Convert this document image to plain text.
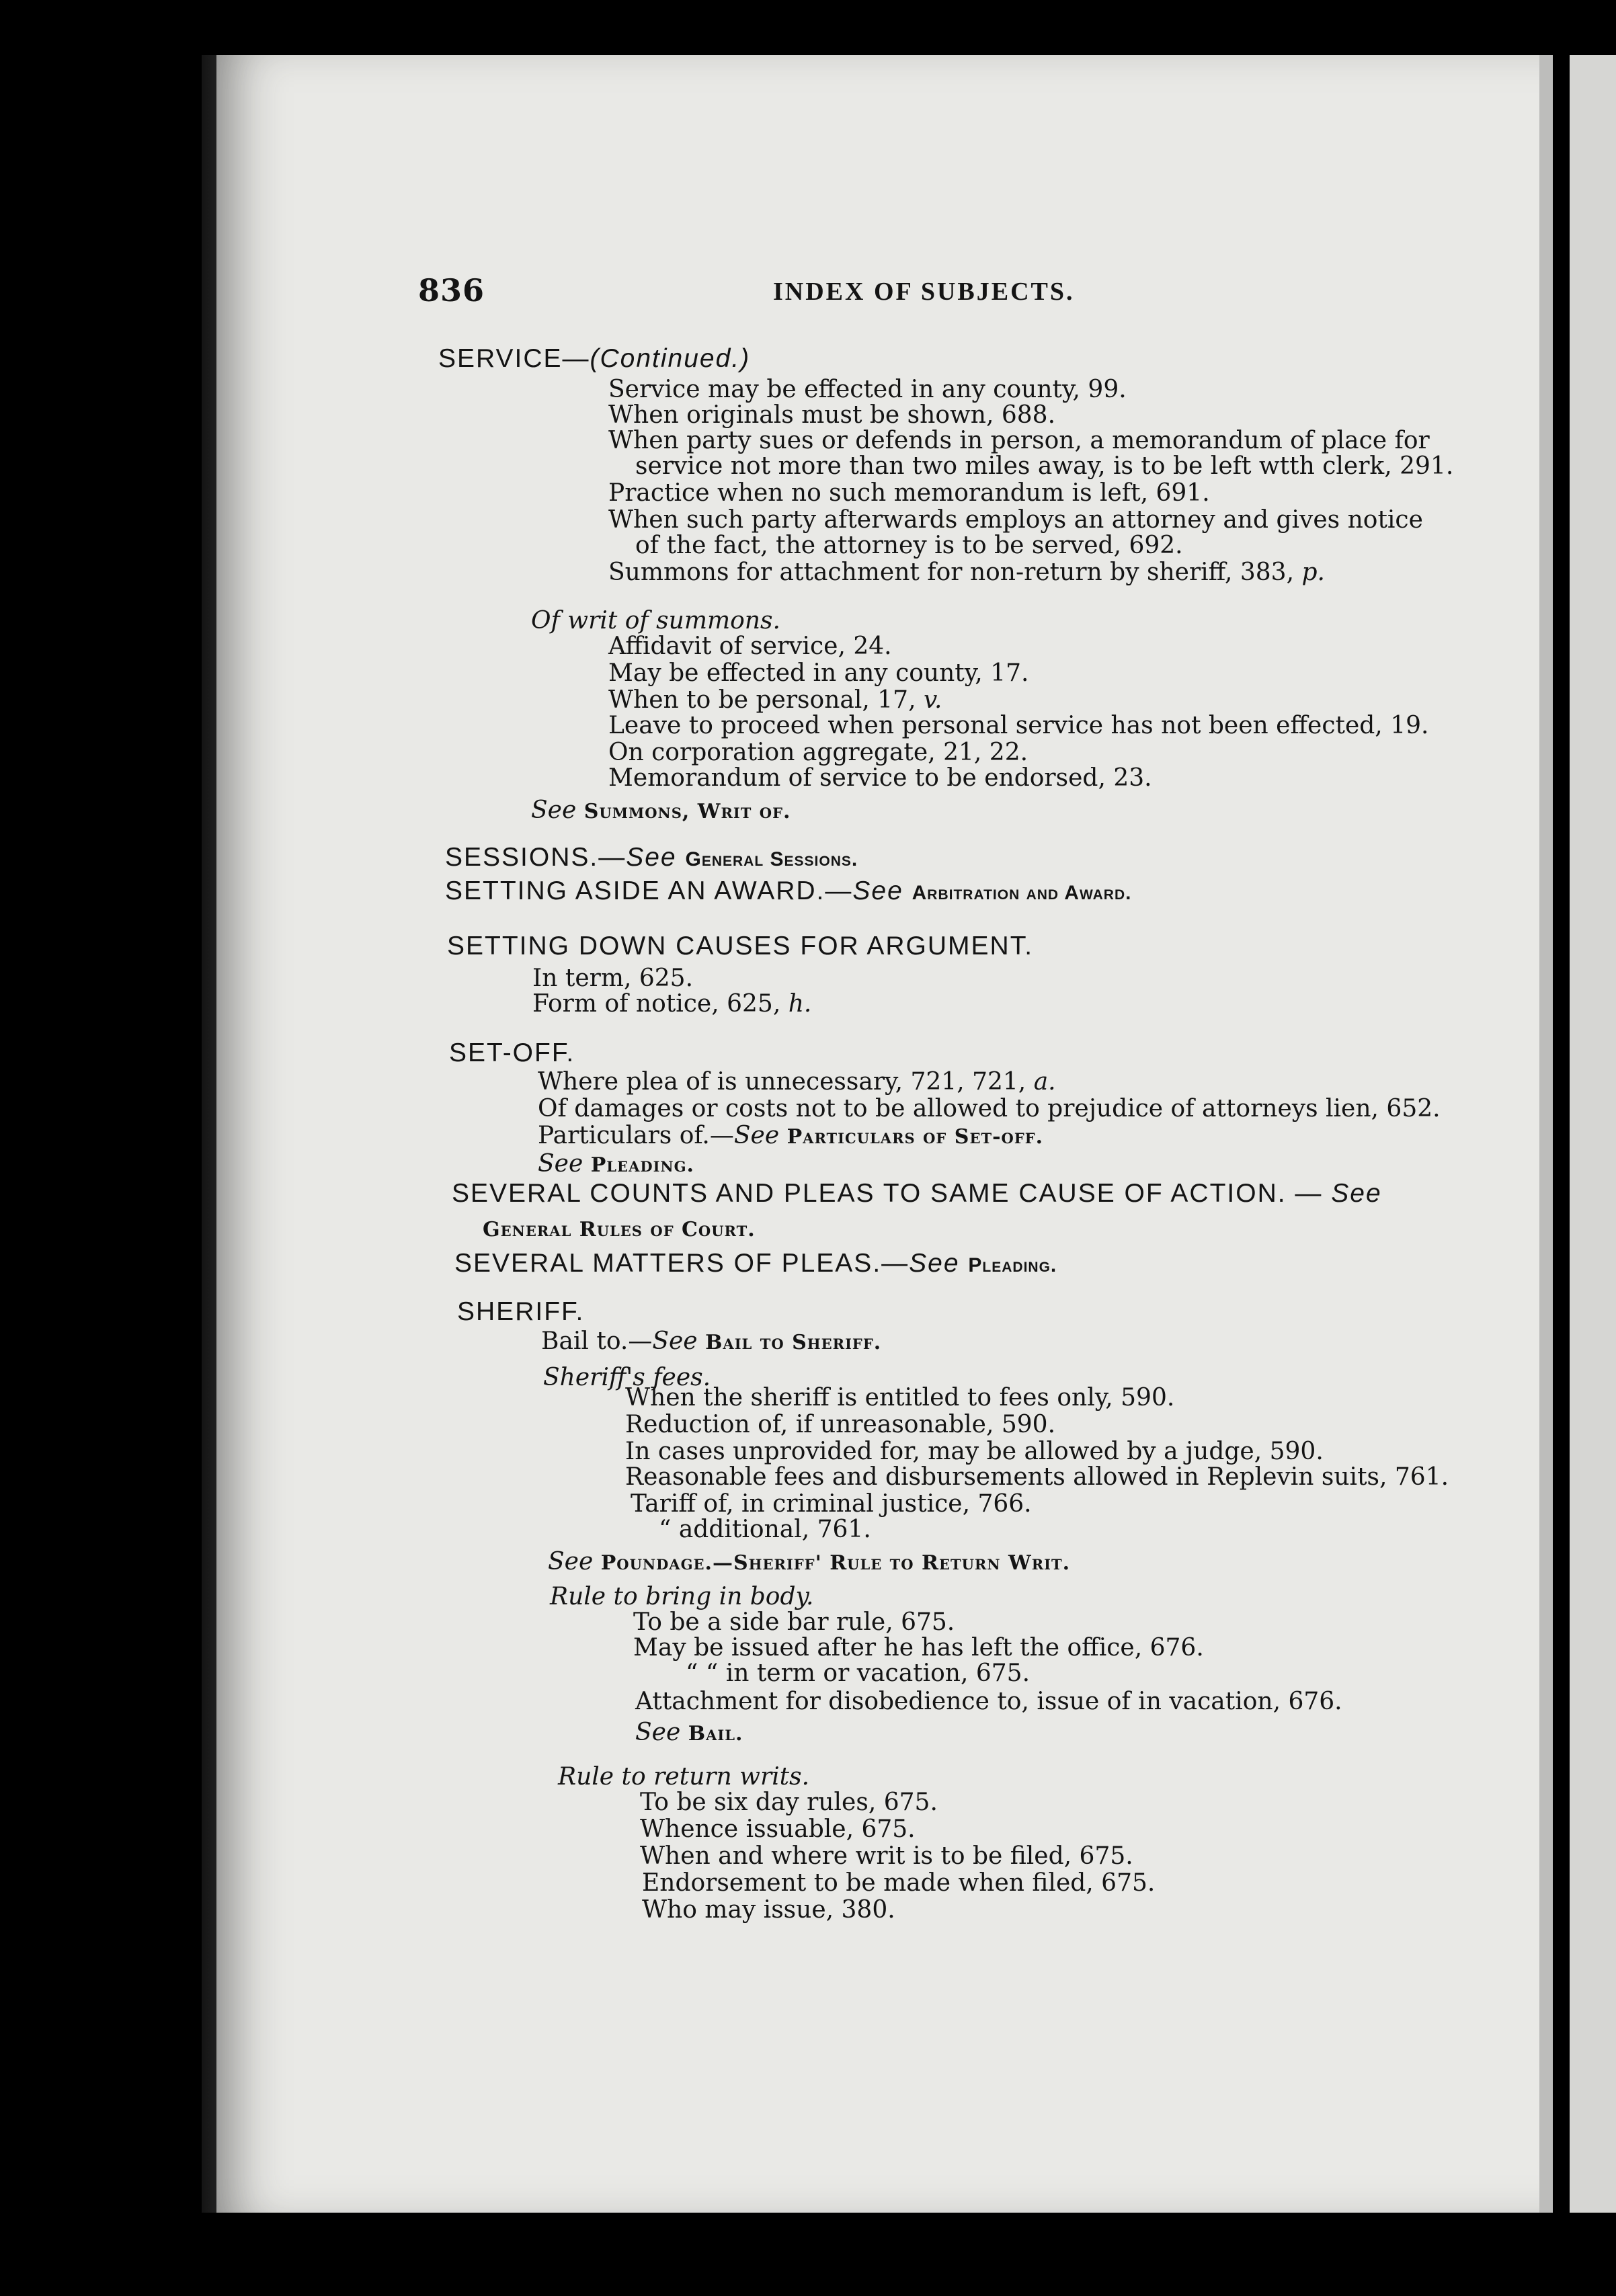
836	INDEX OF SUBJECTS.
SERVICE—(Continued.)
Service may be effected in any county, 99.
When originals must be shown, 688.
When party sues or defends in person, a memorandum of place for
service not more than two miles away, is to be left wtth clerk, 291.
Practice when no such memorandum is left, 691.
When such party afterwards employs an attorney and gives notice
of the fact, the attorney is to be served, 692.
Summons for attachment for non-return by sheriff, 383, p.
Of writ of summons.
Affidavit of service, 24.
May be effected in any county, 17.
When to be personal, 17, v.
Leave to proceed when personal service has not been effected, 19.
On corporation aggregate, 21, 22.
Memorandum of service to be endorsed, 23.
See Summons, Writ of.
SESSIONS.—See General Sessions.
SETTING ASIDE AN AWARD.—See Arbitration and Award.
SETTING DOWN CAUSES FOR ARGUMENT.
In term, 625.
Form of notice, 625, h.
SET-OFF.
Where plea of is unnecessary, 721, 721, a.
Of damages or costs not to be allowed to prejudice of attorneys lien, 652.
Particulars of.—See Particulars of Set-off.
See Pleading.
SEVERAL COUNTS AND PLEAS TO SAME CAUSE OF ACTION. — See
General Rules of Court.
SEVERAL MATTERS OF PLEAS.—See Pleading.
SHERIFF.
Bail to.—See Bail to Sheriff.
Sheriff's fees.
When the sheriff is entitled to fees only, 590.
Reduction of, if unreasonable, 590.
In cases unprovided for, may be allowed by a judge, 590.
Reasonable fees and disbursements allowed in Replevin suits, 761.
Tariff of, in criminal justice, 766.
“ additional, 761.
See Poundage.—Sheriff' Rule to Return Writ.
Rule to bring in body.
To be a side bar rule, 675.
May be issued after he has left the office, 676.
“ “ in term or vacation, 675.
Attachment for disobedience to, issue of in vacation, 676.
See Bail.
Rule to return writs.
To be six day rules, 675.
Whence issuable, 675.
When and where writ is to be filed, 675.
Endorsement to be made when filed, 675.
Who may issue, 380.
